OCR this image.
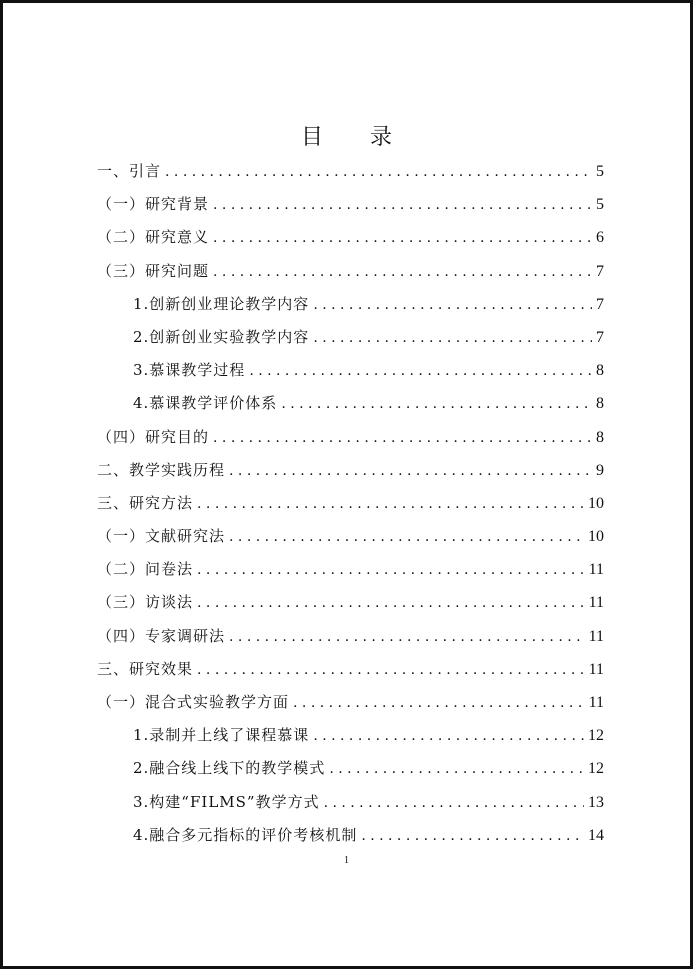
目 录
一、引言 . . .	5
（一）研究背景 . . .	5
（二）研究意义 . . .	6
（三）研究问题 . . .	7
1.创新创业理论教学内容 . . .	7
2.创新创业实验教学内容 . . .	7
3.慕课教学过程 . . .	8
4.慕课教学评价体系 . . .	8
（四）研究目的 . . .	8
二、教学实践历程 . . .	9
三、研究方法 . . .	10
（一）文献研究法 . . .	10
（二）问卷法 . . .	11
（三）访谈法 . . .	11
（四）专家调研法 . . .	11
三、研究效果 . . .	11
（一）混合式实验教学方面 . . .	11
1.录制并上线了课程慕课 . . .	12
2.融合线上线下的教学模式 . . .	12
3.构建“FILMS”教学方式 . . .	13
4.融合多元指标的评价考核机制 . . .	14
1
